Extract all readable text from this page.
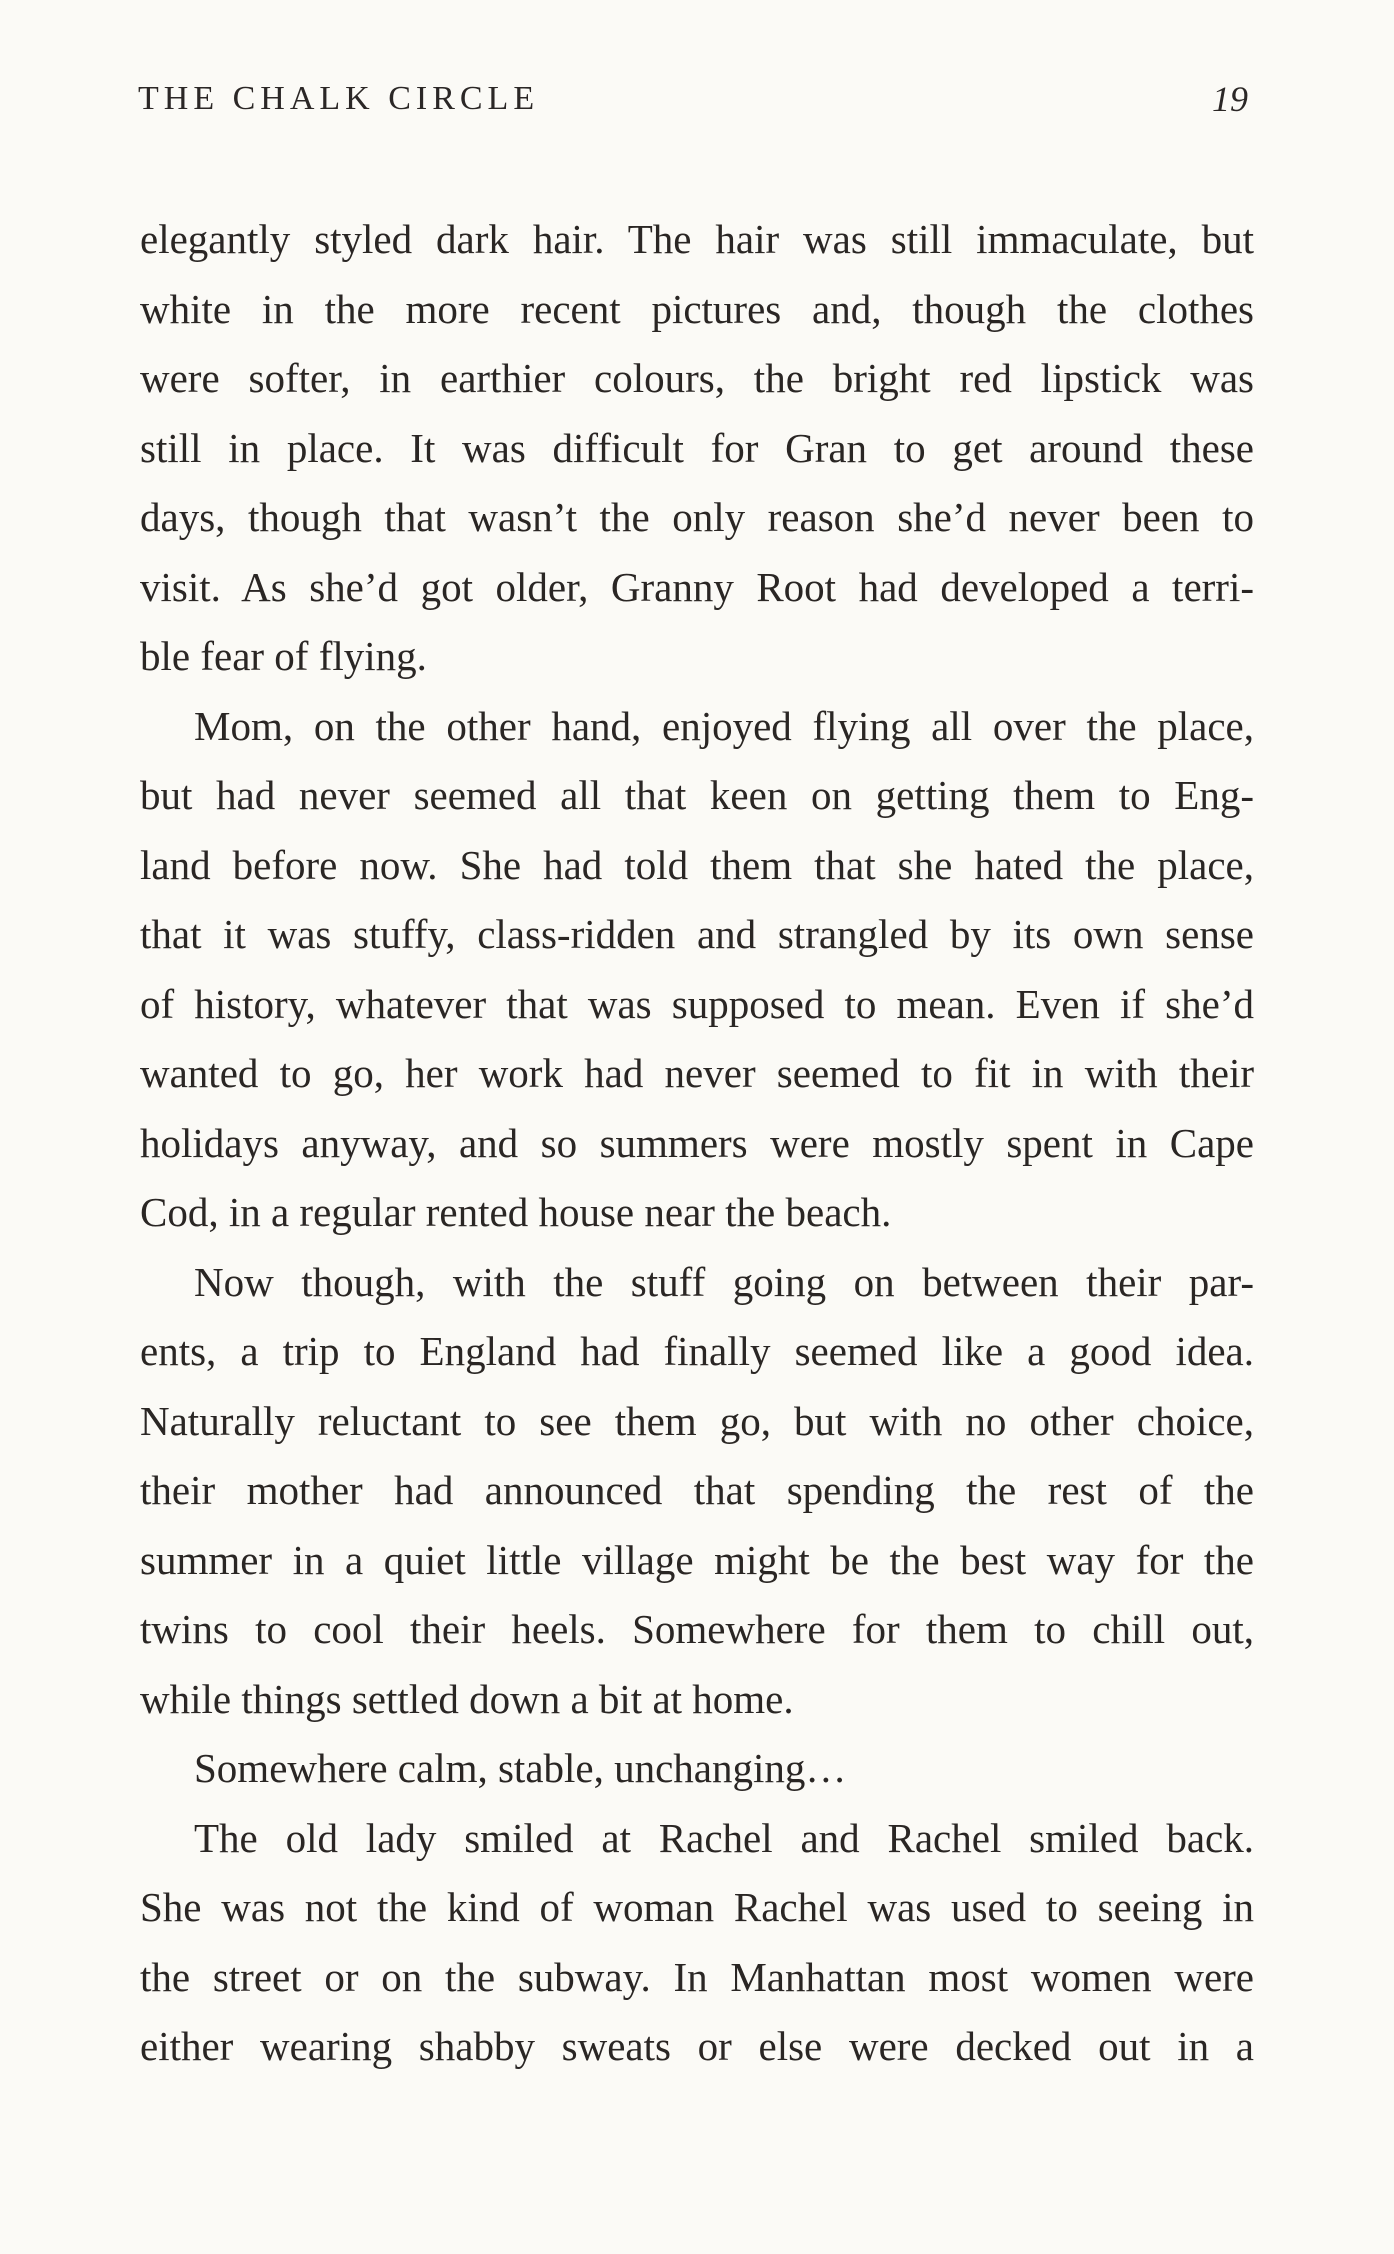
THE CHALK CIRCLE	19
elegantly styled dark hair. The hair was still immaculate, but
white in the more recent pictures and, though the clothes
were softer, in earthier colours, the bright red lipstick was
still in place. It was difficult for Gran to get around these
days, though that wasn’t the only reason she’d never been to
visit. As she’d got older, Granny Root had developed a terri-
ble fear of flying.
Mom, on the other hand, enjoyed flying all over the place,
but had never seemed all that keen on getting them to Eng-
land before now. She had told them that she hated the place,
that it was stuffy, class-ridden and strangled by its own sense
of history, whatever that was supposed to mean. Even if she’d
wanted to go, her work had never seemed to fit in with their
holidays anyway, and so summers were mostly spent in Cape
Cod, in a regular rented house near the beach.
Now though, with the stuff going on between their par-
ents, a trip to England had finally seemed like a good idea.
Naturally reluctant to see them go, but with no other choice,
their mother had announced that spending the rest of the
summer in a quiet little village might be the best way for the
twins to cool their heels. Somewhere for them to chill out,
while things settled down a bit at home.
Somewhere calm, stable, unchanging…
The old lady smiled at Rachel and Rachel smiled back.
She was not the kind of woman Rachel was used to seeing in
the street or on the subway. In Manhattan most women were
either wearing shabby sweats or else were decked out in a
